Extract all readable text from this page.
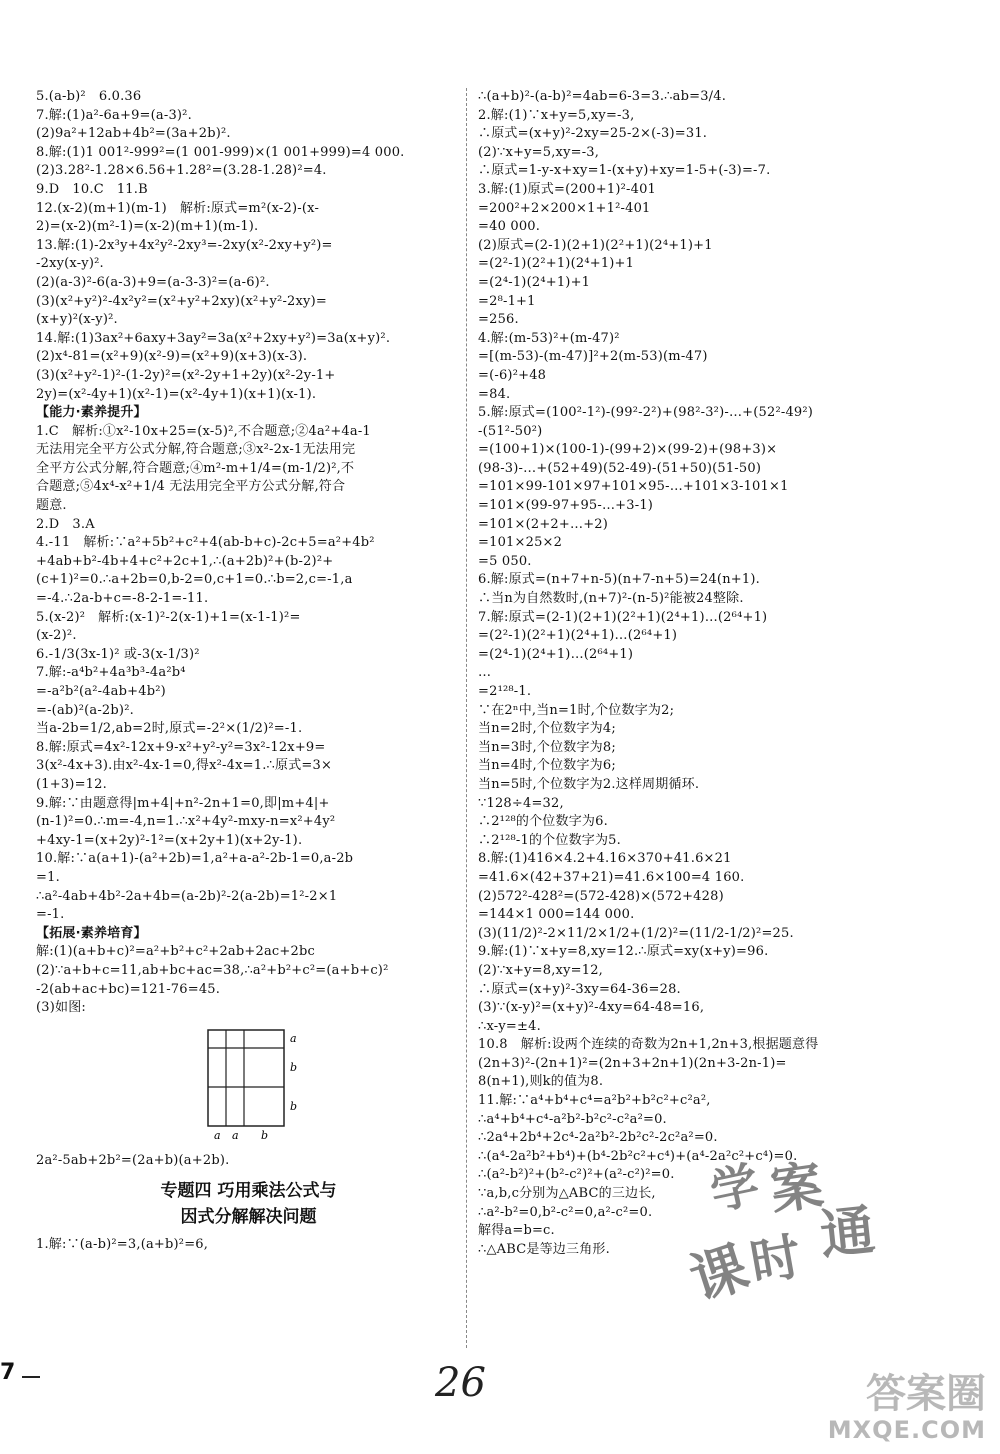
5.(a-b)²   6.0.36
7.解:(1)a²-6a+9=(a-3)².
(2)9a²+12ab+4b²=(3a+2b)².
8.解:(1)1 001²-999²=(1 001-999)×(1 001+999)=4 000.
(2)3.28²-1.28×6.56+1.28²=(3.28-1.28)²=4.
9.D   10.C   11.B
12.(x-2)(m+1)(m-1)   解析:原式=m²(x-2)-(x-
2)=(x-2)(m²-1)=(x-2)(m+1)(m-1).
13.解:(1)-2x³y+4x²y²-2xy³=-2xy(x²-2xy+y²)=
-2xy(x-y)².
(2)(a-3)²-6(a-3)+9=(a-3-3)²=(a-6)².
(3)(x²+y²)²-4x²y²=(x²+y²+2xy)(x²+y²-2xy)=
(x+y)²(x-y)².
14.解:(1)3ax²+6axy+3ay²=3a(x²+2xy+y²)=3a(x+y)².
(2)x⁴-81=(x²+9)(x²-9)=(x²+9)(x+3)(x-3).
(3)(x²+y²-1)²-(1-2y)²=(x²-2y+1+2y)(x²-2y-1+
2y)=(x²-4y+1)(x²-1)=(x²-4y+1)(x+1)(x-1).
【能力·素养提升】
1.C   解析:①x²-10x+25=(x-5)²,不合题意;②4a²+4a-1
无法用完全平方公式分解,符合题意;③x²-2x-1无法用完
全平方公式分解,符合题意;④m²-m+1/4=(m-1/2)²,不
合题意;⑤4x⁴-x²+1/4 无法用完全平方公式分解,符合
题意.
2.D   3.A
4.-11   解析:∵a²+5b²+c²+4(ab-b+c)-2c+5=a²+4b²
+4ab+b²-4b+4+c²+2c+1,∴(a+2b)²+(b-2)²+
(c+1)²=0.∴a+2b=0,b-2=0,c+1=0.∴b=2,c=-1,a
=-4.∴2a-b+c=-8-2-1=-11.
5.(x-2)²   解析:(x-1)²-2(x-1)+1=(x-1-1)²=
(x-2)².
6.-1/3(3x-1)² 或-3(x-1/3)²
7.解:-a⁴b²+4a³b³-4a²b⁴
=-a²b²(a²-4ab+4b²)
=-(ab)²(a-2b)².
当a-2b=1/2,ab=2时,原式=-2²×(1/2)²=-1.
8.解:原式=4x²-12x+9-x²+y²-y²=3x²-12x+9=
3(x²-4x+3).由x²-4x-1=0,得x²-4x=1.∴原式=3×
(1+3)=12.
9.解:∵由题意得|m+4|+n²-2n+1=0,即|m+4|+
(n-1)²=0.∴m=-4,n=1.∴x²+4y²-mxy-n=x²+4y²
+4xy-1=(x+2y)²-1²=(x+2y+1)(x+2y-1).
10.解:∵a(a+1)-(a²+2b)=1,a²+a-a²-2b-1=0,a-2b
=1.
∴a²-4ab+4b²-2a+4b=(a-2b)²-2(a-2b)=1²-2×1
=-1.
【拓展·素养培育】
解:(1)(a+b+c)²=a²+b²+c²+2ab+2ac+2bc
(2)∵a+b+c=11,ab+bc+ac=38,∴a²+b²+c²=(a+b+c)²
-2(ab+ac+bc)=121-76=45.
(3)如图:
a
b
b
a a b
2a²-5ab+2b²=(2a+b)(a+2b).
专题四 巧用乘法公式与
因式分解解决问题
1.解:∵(a-b)²=3,(a+b)²=6,
∴(a+b)²-(a-b)²=4ab=6-3=3.∴ab=3/4.
2.解:(1)∵x+y=5,xy=-3,
∴原式=(x+y)²-2xy=25-2×(-3)=31.
(2)∵x+y=5,xy=-3,
∴原式=1-y-x+xy=1-(x+y)+xy=1-5+(-3)=-7.
3.解:(1)原式=(200+1)²-401
=200²+2×200×1+1²-401
=40 000.
(2)原式=(2-1)(2+1)(2²+1)(2⁴+1)+1
=(2²-1)(2²+1)(2⁴+1)+1
=(2⁴-1)(2⁴+1)+1
=2⁸-1+1
=256.
4.解:(m-53)²+(m-47)²
=[(m-53)-(m-47)]²+2(m-53)(m-47)
=(-6)²+48
=84.
5.解:原式=(100²-1²)-(99²-2²)+(98²-3²)-…+(52²-49²)
-(51²-50²)
=(100+1)×(100-1)-(99+2)×(99-2)+(98+3)×
(98-3)-…+(52+49)(52-49)-(51+50)(51-50)
=101×99-101×97+101×95-…+101×3-101×1
=101×(99-97+95-…+3-1)
=101×(2+2+…+2)
=101×25×2
=5 050.
6.解:原式=(n+7+n-5)(n+7-n+5)=24(n+1).
∴当n为自然数时,(n+7)²-(n-5)²能被24整除.
7.解:原式=(2-1)(2+1)(2²+1)(2⁴+1)…(2⁶⁴+1)
=(2²-1)(2²+1)(2⁴+1)…(2⁶⁴+1)
=(2⁴-1)(2⁴+1)…(2⁶⁴+1)
…
=2¹²⁸-1.
∵在2ⁿ中,当n=1时,个位数字为2;
当n=2时,个位数字为4;
当n=3时,个位数字为8;
当n=4时,个位数字为6;
当n=5时,个位数字为2.这样周期循环.
∵128÷4=32,
∴2¹²⁸的个位数字为6.
∴2¹²⁸-1的个位数字为5.
8.解:(1)416×4.2+4.16×370+41.6×21
=41.6×(42+37+21)=41.6×100=4 160.
(2)572²-428²=(572-428)×(572+428)
=144×1 000=144 000.
(3)(11/2)²-2×11/2×1/2+(1/2)²=(11/2-1/2)²=25.
9.解:(1)∵x+y=8,xy=12.∴原式=xy(x+y)=96.
(2)∵x+y=8,xy=12,
∴原式=(x+y)²-3xy=64-36=28.
(3)∵(x-y)²=(x+y)²-4xy=64-48=16,
∴x-y=±4.
10.8   解析:设两个连续的奇数为2n+1,2n+3,根据题意得
(2n+3)²-(2n+1)²=(2n+3+2n+1)(2n+3-2n-1)=
8(n+1),则k的值为8.
11.解:∵a⁴+b⁴+c⁴=a²b²+b²c²+c²a²,
∴a⁴+b⁴+c⁴-a²b²-b²c²-c²a²=0.
∴2a⁴+2b⁴+2c⁴-2a²b²-2b²c²-2c²a²=0.
∴(a⁴-2a²b²+b⁴)+(b⁴-2b²c²+c⁴)+(a⁴-2a²c²+c⁴)=0.
∴(a²-b²)²+(b²-c²)²+(a²-c²)²=0.
∵a,b,c分别为△ABC的三边长,
∴a²-b²=0,b²-c²=0,a²-c²=0.
解得a=b=c.
∴△ABC是等边三角形.
学 案
课
时 通
7	26	答案圈
MXQE.COM
